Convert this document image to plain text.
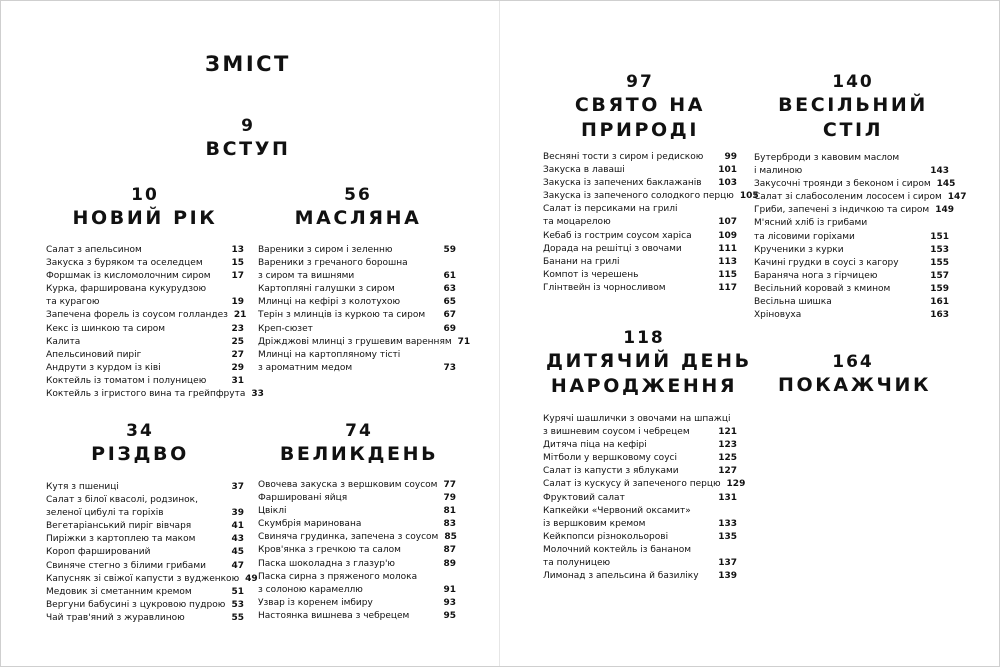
ЗМІСТ
9
ВСТУП
10
НОВИЙ РІК
56
МАСЛЯНА
34
РІЗДВО
74
ВЕЛИКДЕНЬ
97
СВЯТО НА
ПРИРОДІ
140
ВЕСІЛЬНИЙ
СТІЛ
118
ДИТЯЧИЙ ДЕНЬ
НАРОДЖЕННЯ
164
ПОКАЖЧИК
Салат з апельсином	13
Закуска з буряком та оселедцем	15
Форшмак із кисломолочним сиром	17
Курка, фарширована кукурудзою
та курагою	19
Запечена форель із соусом голландез 21
Кекс із шинкою та сиром	23
Калита	25
Апельсиновий пиріг	27
Андрути з курдом із ківі	29
Коктейль із томатом і полуницею	31
Коктейль з ігристого вина та грейпфрута 33
Вареники з сиром і зеленню	59
Вареники з гречаного борошна
з сиром та вишнями	61
Картопляні галушки з сиром	63
Млинці на кефірі з колотухою	65
Терін з млинців із куркою та сиром	67
Креп-сюзет	69
Дріжджові млинці з грушевим варенням 71
Млинці на картопляному тісті
з ароматним медом	73
Кутя з пшениці	37
Салат з білої квасолі, родзинок,
зеленої цибулі та горіхів	39
Вегетаріанський пиріг вівчаря	41
Пиріжки з картоплею та маком	43
Короп фарширований	45
Свиняче стегно з білими грибами	47
Капусняк зі свіжої капусти з вудженкою 49
Медовик зі сметанним кремом	51
Вергуни бабусині з цукровою пудрою 53
Чай трав'яний з журавлиною	55
Овочева закуска з вершковим соусом 77
Фаршировані яйця	79
Цвіклі	81
Скумбрія маринована	83
Свиняча грудинка, запечена з соусом 85
Кров'янка з гречкою та салом	87
Паска шоколадна з глазур'ю	89
Паска сирна з пряженого молока
з солоною карамеллю	91
Узвар із коренем імбиру	93
Настоянка вишнева з чебрецем	95
Весняні тости з сиром і редискою	99
Закуска в лаваші	101
Закуска із запечених баклажанів	103
Закуска із запеченого солодкого перцю 105
Салат із персиками на грилі
та моцарелою	107
Кебаб із гострим соусом харіса	109
Дорада на решітці з овочами	111
Банани на грилі	113
Компот із черешень	115
Глінтвейн із чорносливом	117
Бутерброди з кавовим маслом
і малиною	143
Закусочні троянди з беконом і сиром 145
Салат зі слабосоленим лососем і сиром 147
Гриби, запечені з індичкою та сиром 149
М'ясний хліб із грибами
та лісовими горіхами	151
Крученики з курки	153
Качині грудки в соусі з кагору	155
Баранячa нога з гірчицею	157
Весільний коровай з кмином	159
Весільна шишка	161
Хріновуха	163
Курячі шашлички з овочами на шпажці
з вишневим соусом і чебрецем	121
Дитяча піца на кефірі	123
Мітболи у вершковому соусі	125
Салат із капусти з яблуками	127
Салат із кускусу й запеченого перцю 129
Фруктовий салат	131
Капкейки «Червоний оксамит»
із вершковим кремом	133
Кейкпопси різнокольорові	135
Молочний коктейль із бананом
та полуницею	137
Лимонад з апельсина й базиліку	139
